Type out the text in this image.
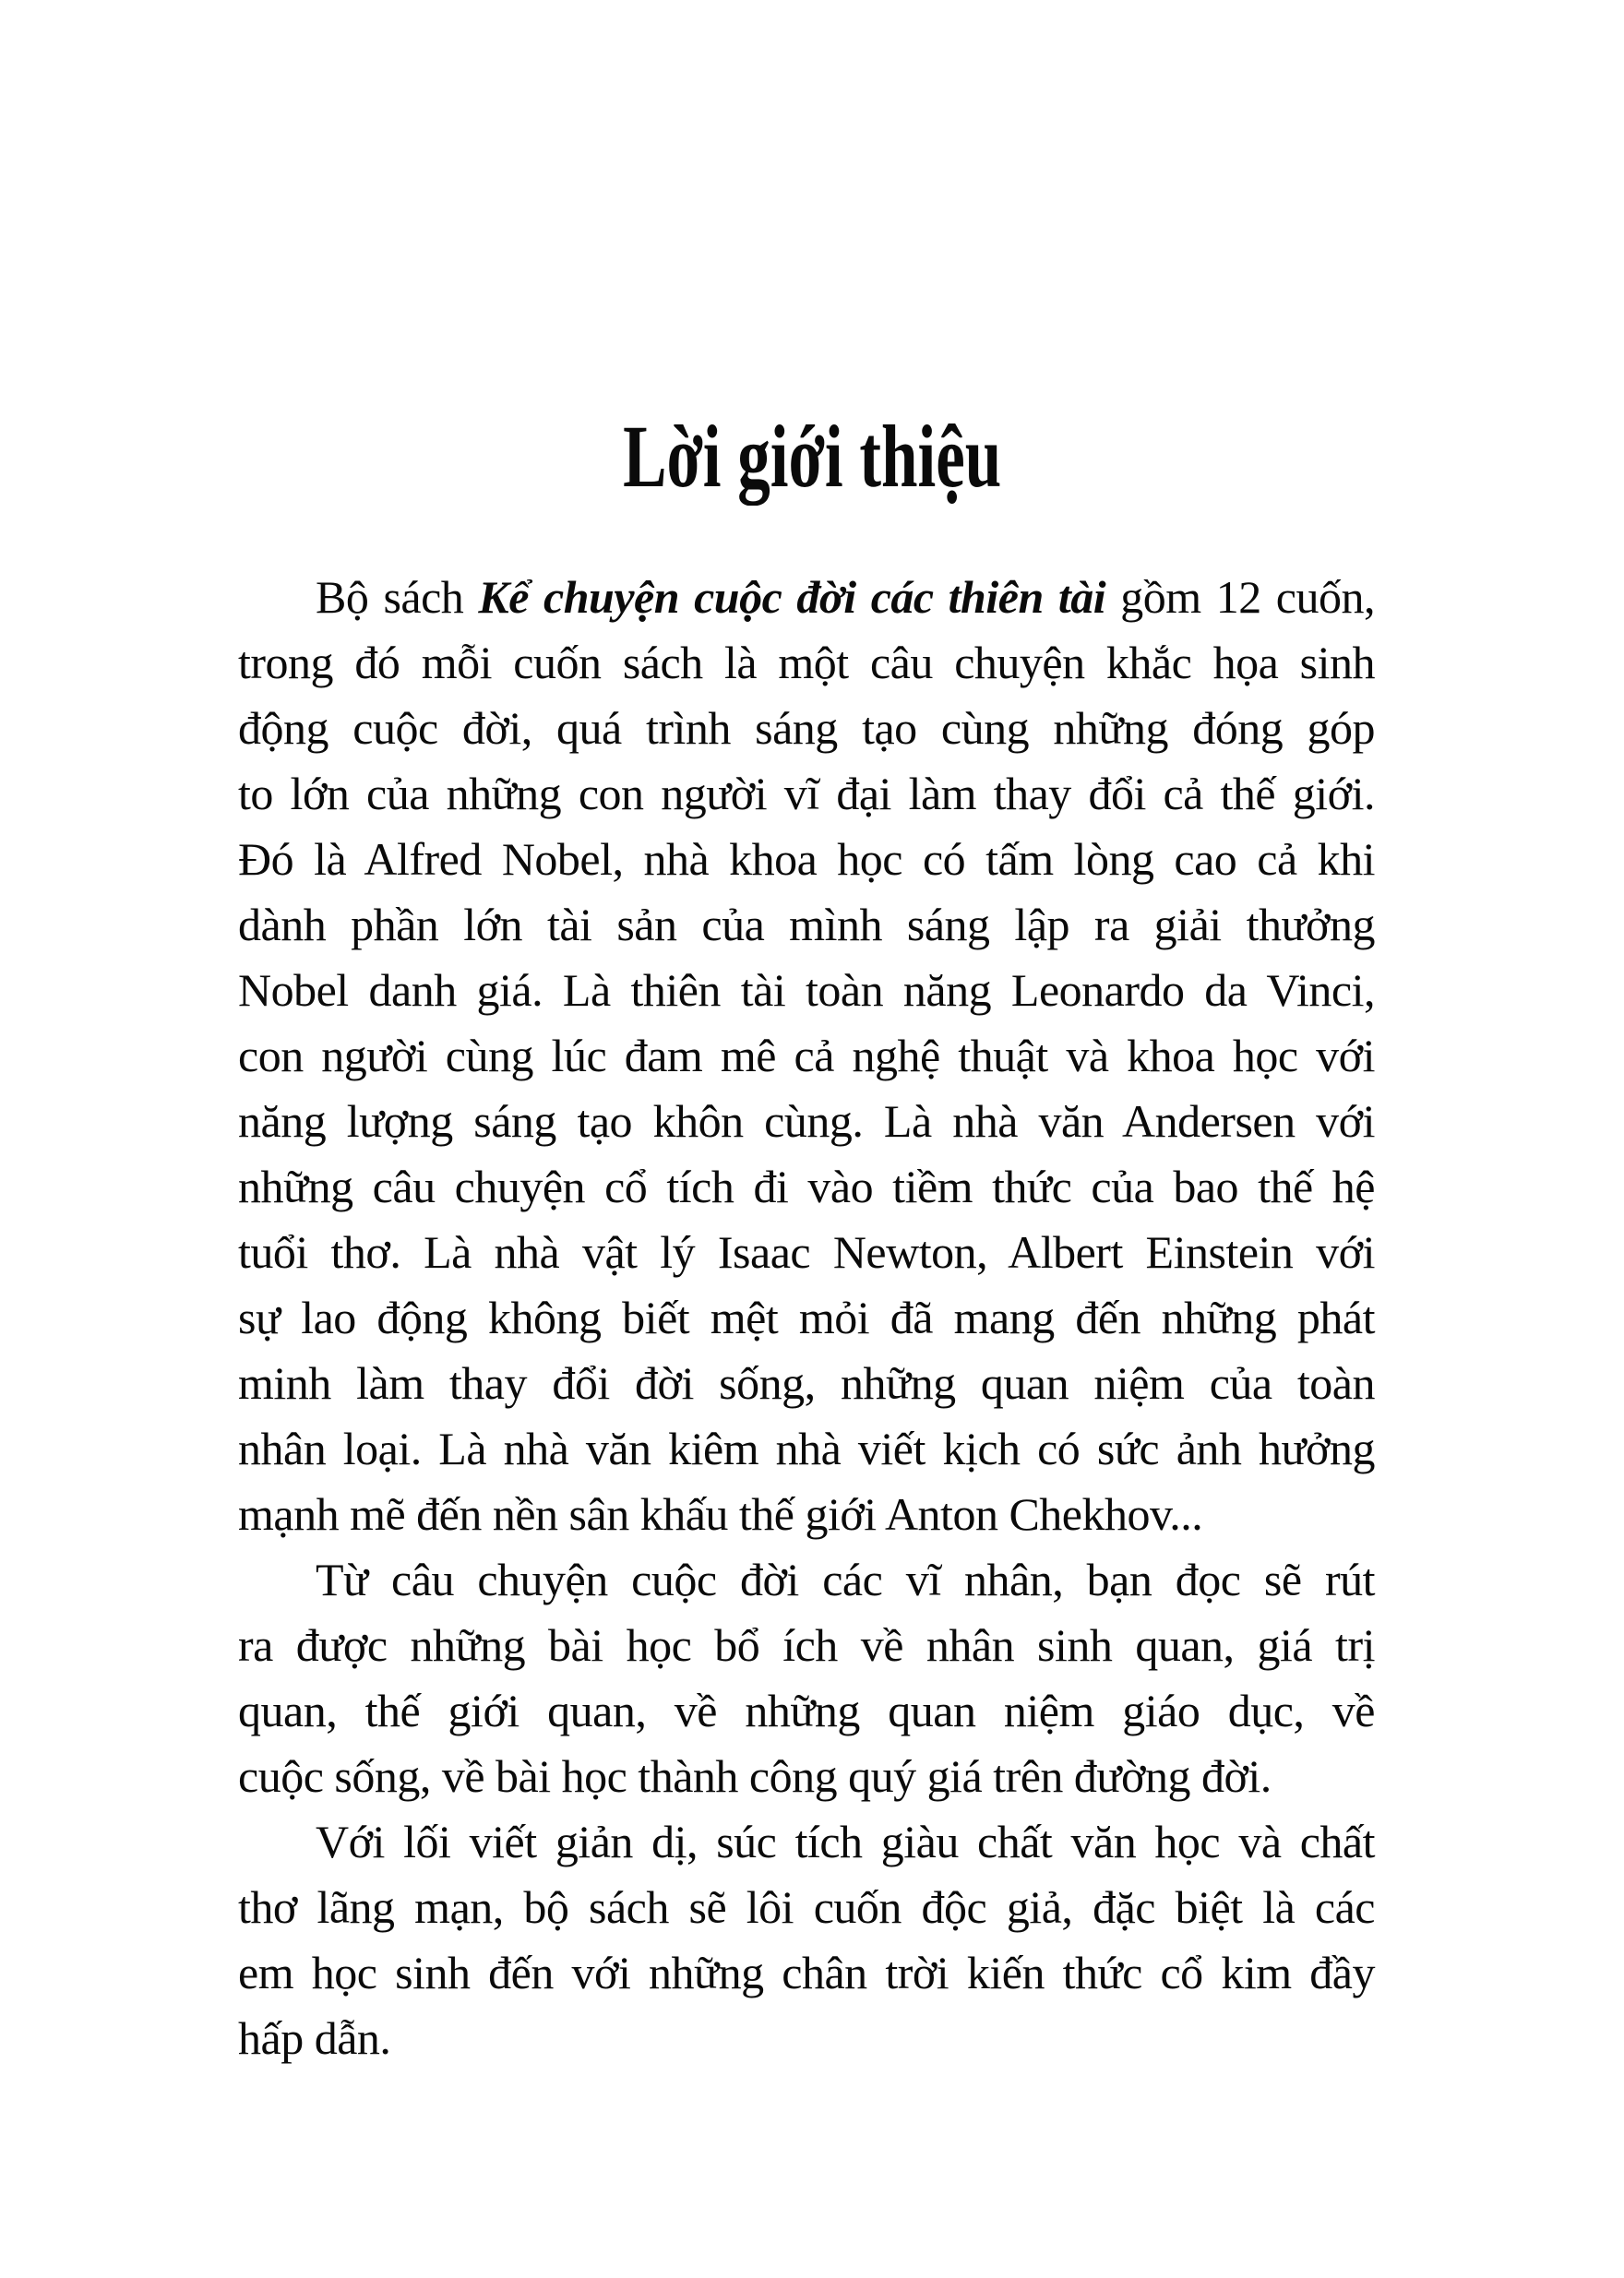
Lời giới thiệu
Bộ sách Kể chuyện cuộc đời các thiên tài gồm 12 cuốn,
trong đó mỗi cuốn sách là một câu chuyện khắc họa sinh
động cuộc đời, quá trình sáng tạo cùng những đóng góp
to lớn của những con người vĩ đại làm thay đổi cả thế giới.
Đó là Alfred Nobel, nhà khoa học có tấm lòng cao cả khi
dành phần lớn tài sản của mình sáng lập ra giải thưởng
Nobel danh giá. Là thiên tài toàn năng Leonardo da Vinci,
con người cùng lúc đam mê cả nghệ thuật và khoa học với
năng lượng sáng tạo khôn cùng. Là nhà văn Andersen với
những câu chuyện cổ tích đi vào tiềm thức của bao thế hệ
tuổi thơ. Là nhà vật lý Isaac Newton, Albert Einstein với
sự lao động không biết mệt mỏi đã mang đến những phát
minh làm thay đổi đời sống, những quan niệm của toàn
nhân loại. Là nhà văn kiêm nhà viết kịch có sức ảnh hưởng
mạnh mẽ đến nền sân khấu thế giới Anton Chekhov...
Từ câu chuyện cuộc đời các vĩ nhân, bạn đọc sẽ rút
ra được những bài học bổ ích về nhân sinh quan, giá trị
quan, thế giới quan, về những quan niệm giáo dục, về
cuộc sống, về bài học thành công quý giá trên đường đời.
Với lối viết giản dị, súc tích giàu chất văn học và chất
thơ lãng mạn, bộ sách sẽ lôi cuốn độc giả, đặc biệt là các
em học sinh đến với những chân trời kiến thức cổ kim đầy
hấp dẫn.
